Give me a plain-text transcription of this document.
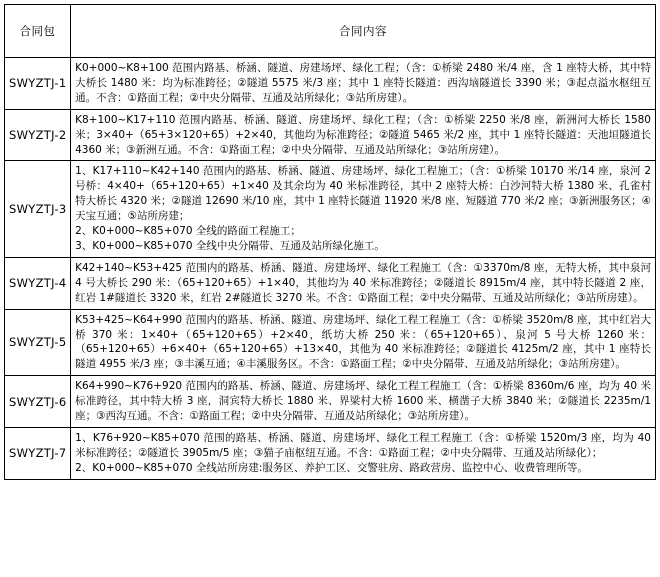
合同包	合同内容
SWYZTJ-1	K0+000~K8+100 范围内路基、桥涵、隧道、房建场坪、绿化工程；（含：①桥梁 2480 米/4 座，含 1 座特大桥，其中特大桥长 1480 米：均为标准跨径；②隧道 5575 米/3 座；其中 1 座特长隧道：西沟垴隧道长 3390 米；③起点溢水枢纽互通。不含：①路面工程；②中央分隔带、互通及站所绿化；③站所房建）。

SWYZTJ-2	K8+100~K17+110 范围内路基、桥涵、隧道、房建场坪、绿化工程；（含：①桥梁 2250 米/8 座，新洲河大桥长 1580 米；3×40+（65+3×120+65）+2×40，其他均为标准跨径；②隧道 5465 米/2 座，其中 1 座特长隧道：天池垣隧道长 4360 米；③新洲互通。不含：①路面工程；②中央分隔带、互通及站所绿化；③站所房建）。

SWYZTJ-3	1、K17+110~K42+140 范围内的路基、桥涵、隧道、房建场坪、绿化工程施工；（含：①桥梁 10170 米/14 座，泉河 2 号桥：4×40+（65+120+65）+1×40 及其余均为 40 米标准跨径，其中 2 座特大桥：白沙河特大桥 1380 米、孔雀村特大桥长 4320 米；②隧道 12690 米/10 座，其中 1 座特长隧道 11920 米/8 座、短隧道 770 米/2 座；③新洲服务区；④天宝互通；⑤站所房建；

2、K0+000~K85+070 全线的路面工程施工；

3、K0+000~K85+070 全线中央分隔带、互通及站所绿化施工。

SWYZTJ-4	K42+140~K53+425 范围内的路基、桥涵、隧道、房建场坪、绿化工程施工（含：①3370m/8 座，无特大桥，其中泉河 4 号大桥长 290 米：（65+120+65）+1×40，其他均为 40 米标准跨径；②隧道长 8915m/4 座，其中特长隧道 2 座，红岩 1#隧道长 3320 米，红岩 2#隧道长 3270 米。不含：①路面工程；②中央分隔带、互通及站所绿化；③站所房建）。

SWYZTJ-5	K53+425~K64+990 范围内的路基、桥涵、隧道、房建场坪、绿化工程工程施工（含：①桥梁 3520m/8 座，其中红岩大桥 370 米：1×40+（65+120+65）+2×40，纸坊大桥 250 米：（65+120+65）、泉河 5 号大桥 1260 米：（65+120+65）+6×40+（65+120+65）+13×40，其他为 40 米标准跨径；②隧道长 4125m/2 座，其中 1 座特长隧道 4955 米/3 座；③丰溪互通；④丰溪服务区。不含：①路面工程；②中央分隔带、互通及站所绿化；③站所房建）。

SWYZTJ-6	K64+990~K76+920 范围内的路基、桥涵、隧道、房建场坪、绿化工程工程施工（含：①桥梁 8360m/6 座，均为 40 米标准跨径，其中特大桥 3 座，洞宾特大桥长 1880 米、界梁村大桥 1600 米、横凿子大桥 3840 米；②隧道长 2235m/1 座；③西沟互通。不含：①路面工程；②中央分隔带、互通及站所绿化；③站所房建）。

SWYZTJ-7	1、K76+920~K85+070 范围的路基、桥涵、隧道、房建场坪、绿化工程工程施工（含：①桥梁 1520m/3 座，均为 40 米标准跨径；②隧道长 3905m/5 座；③猫子庙枢纽互通。不含：①路面工程；②中央分隔带、互通及站所绿化）；

2、K0+000~K85+070 全线站所房建:服务区、养护工区、交警驻房、路政营房、监控中心、收费管理所等。
